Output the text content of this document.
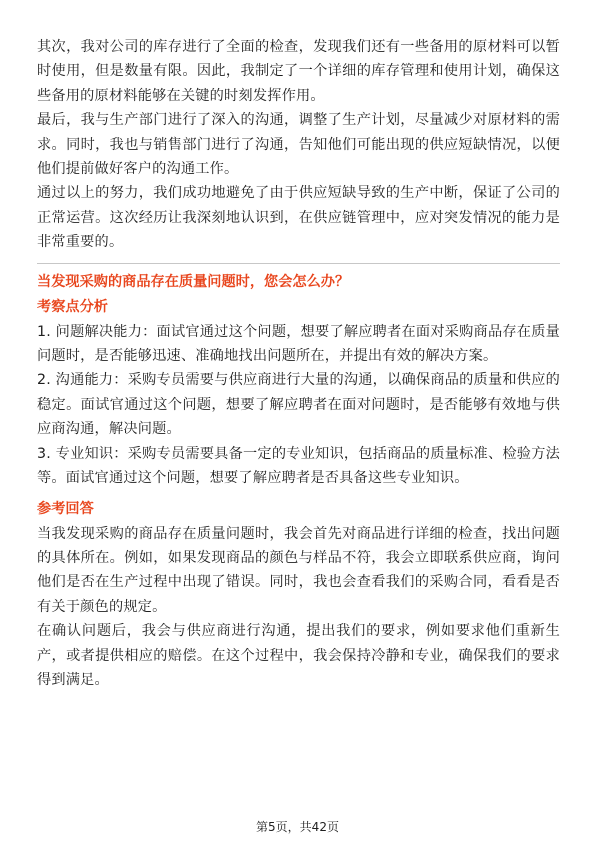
其次，我对公司的库存进行了全面的检查，发现我们还有一些备用的原材料可以暂时使用，但是数量有限。因此，我制定了一个详细的库存管理和使用计划，确保这些备用的原材料能够在关键的时刻发挥作用。

最后，我与生产部门进行了深入的沟通，调整了生产计划，尽量减少对原材料的需求。同时，我也与销售部门进行了沟通，告知他们可能出现的供应短缺情况，以便他们提前做好客户的沟通工作。

通过以上的努力，我们成功地避免了由于供应短缺导致的生产中断，保证了公司的正常运营。这次经历让我深刻地认识到，在供应链管理中，应对突发情况的能力是非常重要的。

当发现采购的商品存在质量问题时，您会怎么办？

考察点分析

1. 问题解决能力：面试官通过这个问题，想要了解应聘者在面对采购商品存在质量问题时，是否能够迅速、准确地找出问题所在，并提出有效的解决方案。

2. 沟通能力：采购专员需要与供应商进行大量的沟通，以确保商品的质量和供应的稳定。面试官通过这个问题，想要了解应聘者在面对问题时，是否能够有效地与供应商沟通，解决问题。

3. 专业知识：采购专员需要具备一定的专业知识，包括商品的质量标准、检验方法等。面试官通过这个问题，想要了解应聘者是否具备这些专业知识。

参考回答

当我发现采购的商品存在质量问题时，我会首先对商品进行详细的检查，找出问题的具体所在。例如，如果发现商品的颜色与样品不符，我会立即联系供应商，询问他们是否在生产过程中出现了错误。同时，我也会查看我们的采购合同，看看是否有关于颜色的规定。

在确认问题后，我会与供应商进行沟通，提出我们的要求，例如要求他们重新生产，或者提供相应的赔偿。在这个过程中，我会保持冷静和专业，确保我们的要求得到满足。

第5页，共42页
